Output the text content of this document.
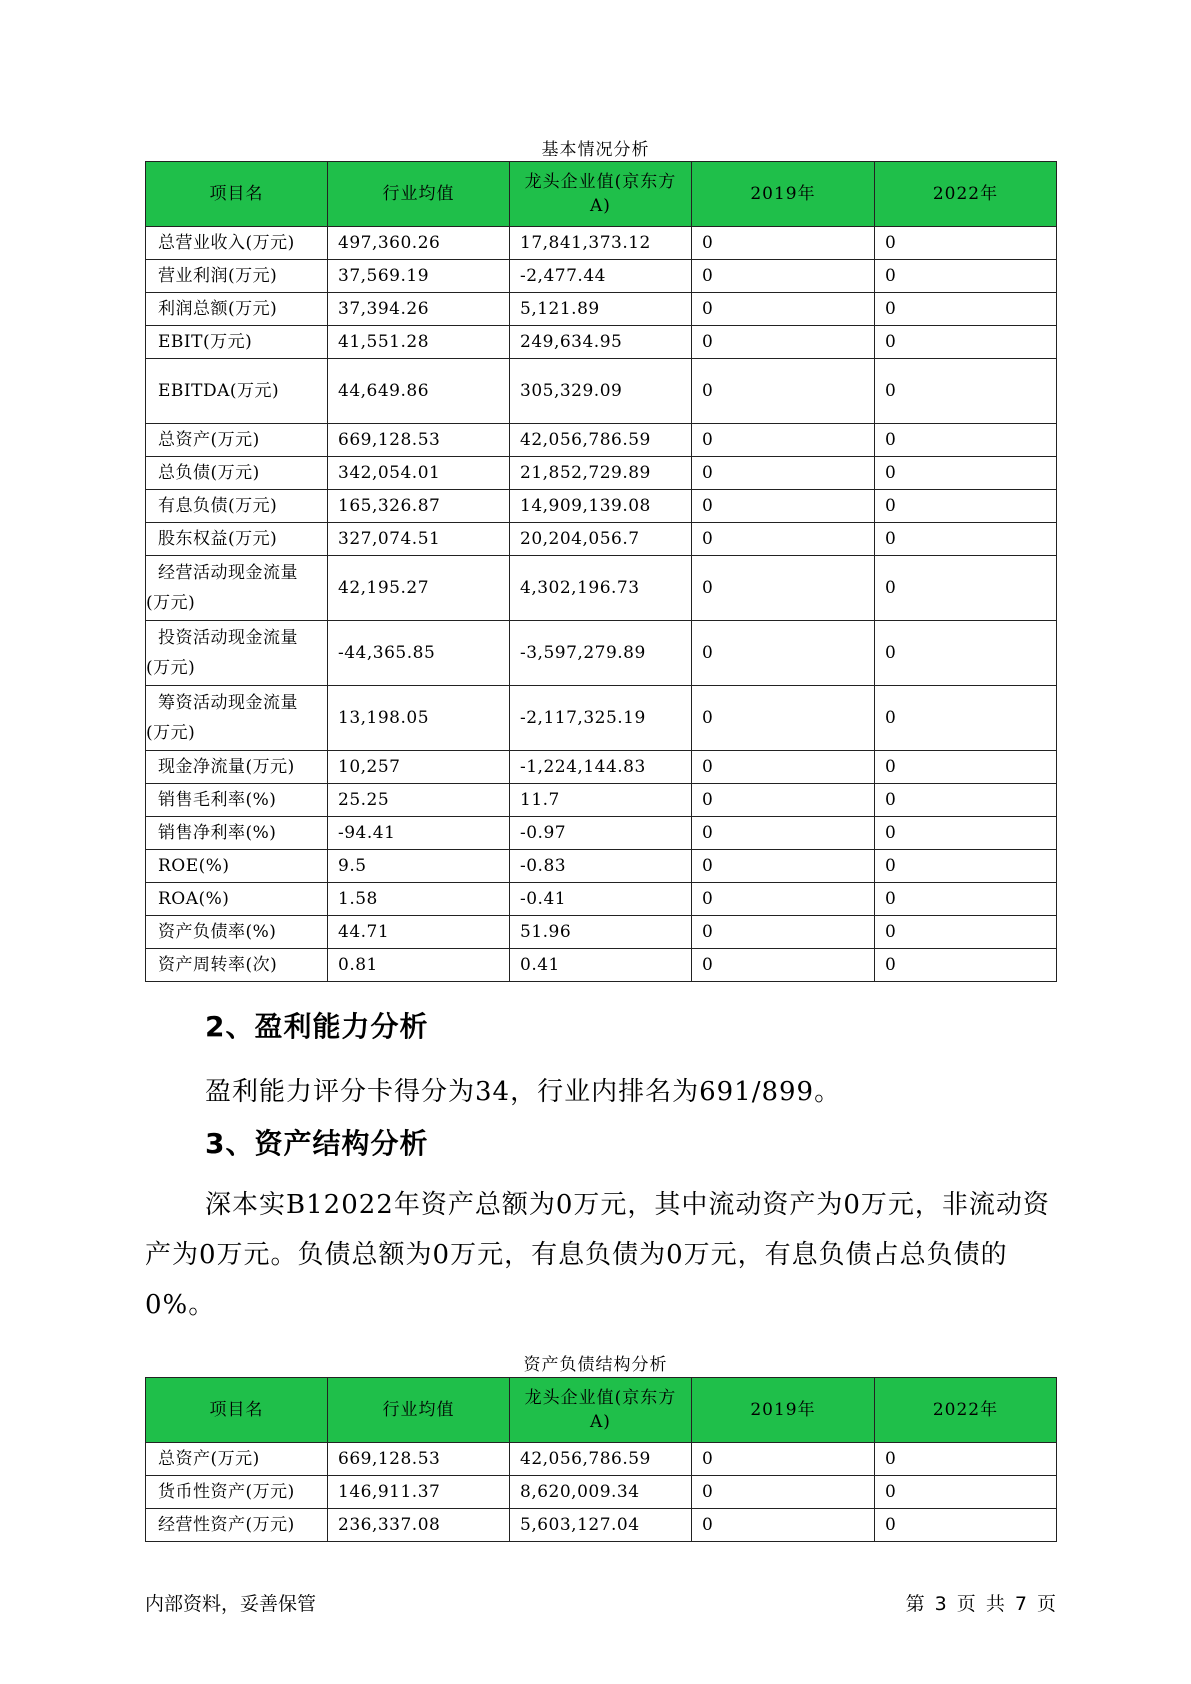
基本情况分析
项目名	行业均值	龙头企业值(京东方A)	2019年	2022年
总营业收入(万元)	497,360.26	17,841,373.12	0	0
营业利润(万元)	37,569.19	-2,477.44	0	0
利润总额(万元)	37,394.26	5,121.89	0	0
EBIT(万元)	41,551.28	249,634.95	0	0
EBITDA(万元)	44,649.86	305,329.09	0	0
总资产(万元)	669,128.53	42,056,786.59	0	0
总负债(万元)	342,054.01	21,852,729.89	0	0
有息负债(万元)	165,326.87	14,909,139.08	0	0
股东权益(万元)	327,074.51	20,204,056.7	0	0
经营活动现金流量(万元)	42,195.27	4,302,196.73	0	0
投资活动现金流量(万元)	-44,365.85	-3,597,279.89	0	0
筹资活动现金流量(万元)	13,198.05	-2,117,325.19	0	0
现金净流量(万元)	10,257	-1,224,144.83	0	0
销售毛利率(%)	25.25	11.7	0	0
销售净利率(%)	-94.41	-0.97	0	0
ROE(%)	9.5	-0.83	0	0
ROA(%)	1.58	-0.41	0	0
资产负债率(%)	44.71	51.96	0	0
资产周转率(次)	0.81	0.41	0	0
2、盈利能力分析
盈利能力评分卡得分为34，行业内排名为691/899。
3、资产结构分析
深本实B12022年资产总额为0万元，其中流动资产为0万元，非流动资产为0万元。负债总额为0万元，有息负债为0万元，有息负债占总负债的0%。
资产负债结构分析
项目名	行业均值	龙头企业值(京东方A)	2019年	2022年
总资产(万元)	669,128.53	42,056,786.59	0	0
货币性资产(万元)	146,911.37	8,620,009.34	0	0
经营性资产(万元)	236,337.08	5,603,127.04	0	0
内部资料，妥善保管	第 3 页 共 7 页
